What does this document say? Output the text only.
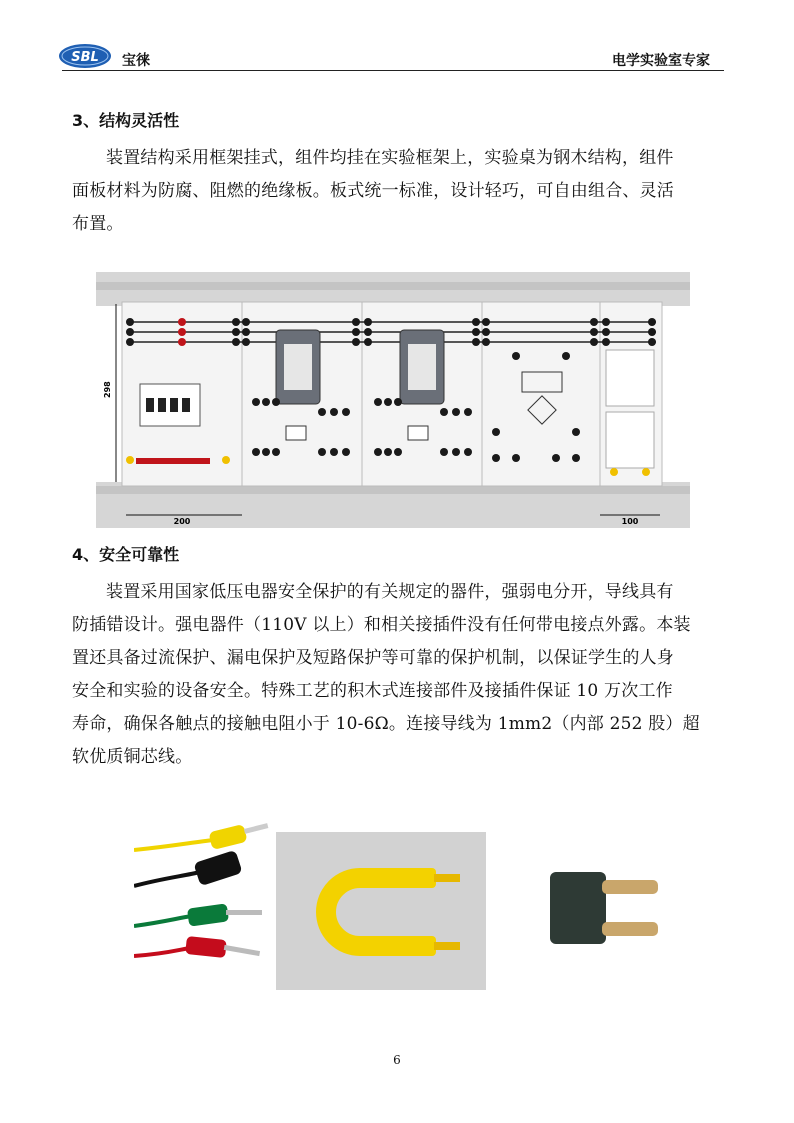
SBL 宝徕	电学实验室专家
3、结构灵活性
装置结构采用框架挂式，组件均挂在实验框架上，实验桌为钢木结构，组件
面板材料为防腐、阻燃的绝缘板。板式统一标准，设计轻巧，可自由组合、灵活
布置。
298
200	100
4、安全可靠性
装置采用国家低压电器安全保护的有关规定的器件，强弱电分开，导线具有
防插错设计。强电器件（110V 以上）和相关接插件没有任何带电接点外露。本装
置还具备过流保护、漏电保护及短路保护等可靠的保护机制，以保证学生的人身
安全和实验的设备安全。特殊工艺的积木式连接部件及接插件保证 10 万次工作
寿命，确保各触点的接触电阻小于 10-6Ω。连接导线为 1mm2（内部 252 股）超
软优质铜芯线。
6
